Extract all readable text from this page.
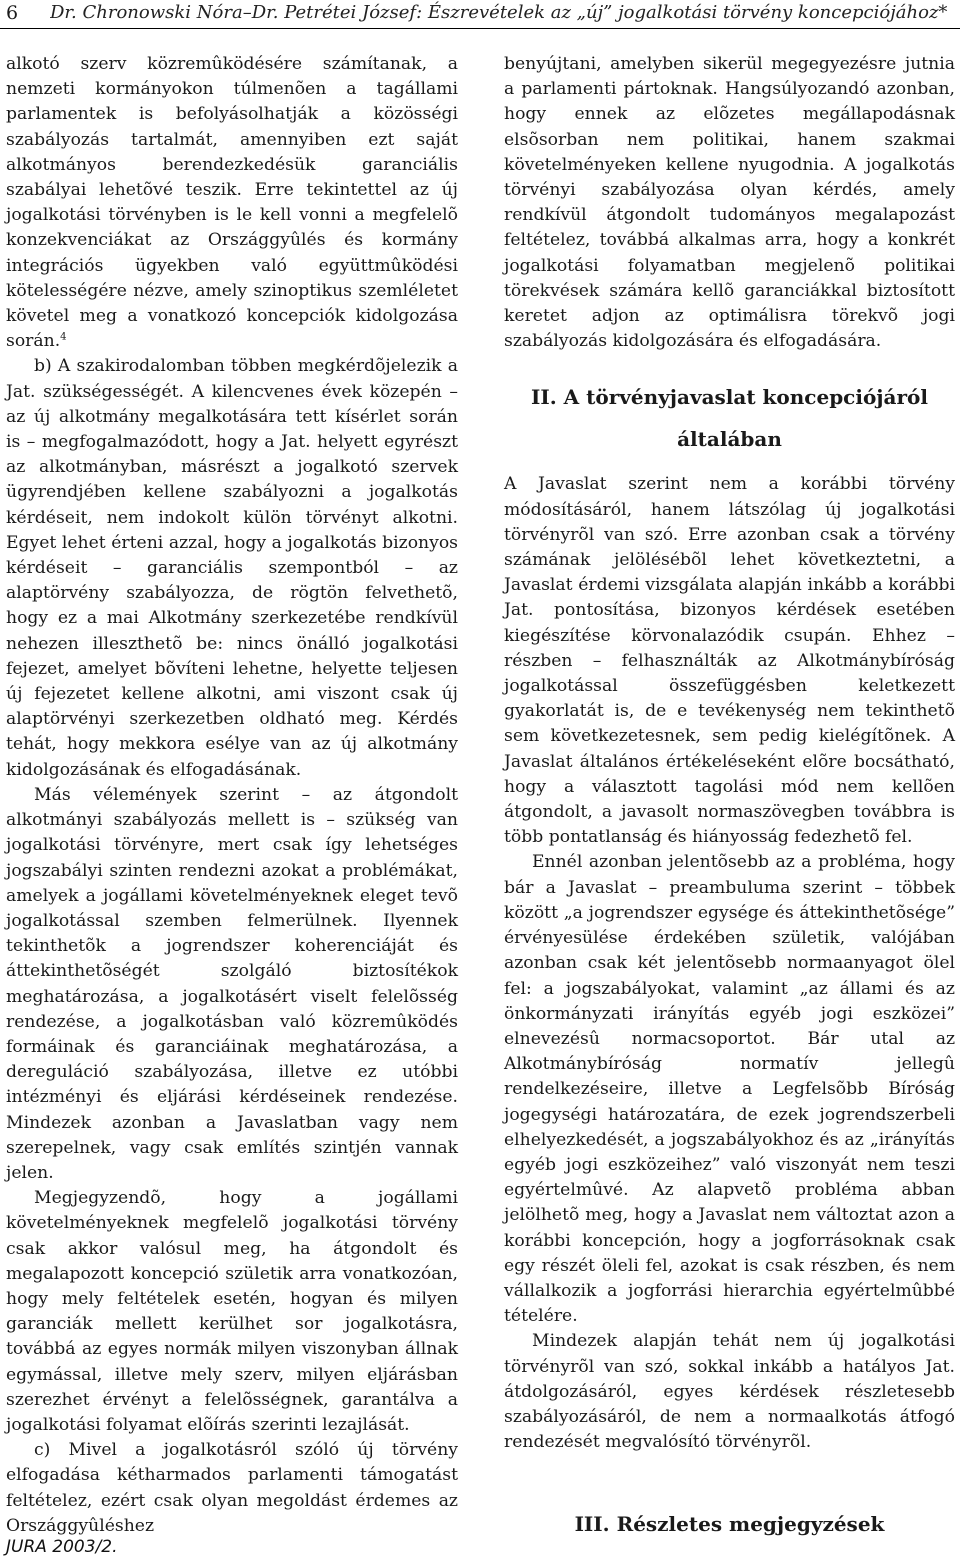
6 Dr. Chronowski Nóra–Dr. Petrétei József: Észrevételek az „új” jogalkotási törvény koncepciójához*

alkotó szerv közremûködésére számítanak, a nemzeti kormányokon túlmenõen a tagállami parlamentek is befolyásolhatják a közösségi szabályozás tartalmát, amennyiben ezt saját alkotmányos berendezkedésük garanciális szabályai lehetõvé teszik. Erre tekintettel az új jogalkotási törvényben is le kell vonni a megfelelõ konzekvenciákat az Országgyûlés és kormány integrációs ügyekben való együttmûködési kötelességére nézve, amely szinoptikus szemléletet követel meg a vonatkozó koncepciók kidolgozása során.$^4$

b) A szakirodalomban többen megkérdõjelezik a Jat. szükségességét. A kilencvenes évek közepén – az új alkotmány megalkotására tett kísérlet során is – megfogalmazódott, hogy a Jat. helyett egyrészt az alkotmányban, másrészt a jogalkotó szervek ügyrendjében kellene szabályozni a jogalkotás kérdéseit, nem indokolt külön törvényt alkotni. Egyet lehet érteni azzal, hogy a jogalkotás bizonyos kérdéseit – garanciális szempontból – az alaptörvény szabályozza, de rögtön felvethetõ, hogy ez a mai Alkotmány szerkezetébe rendkívül nehezen illeszthetõ be: nincs önálló jogalkotási fejezet, amelyet bõvíteni lehetne, helyette teljesen új fejezetet kellene alkotni, ami viszont csak új alaptörvényi szerkezetben oldható meg. Kérdés tehát, hogy mekkora esélye van az új alkotmány kidolgozásának és elfogadásának.

Más vélemények szerint – az átgondolt alkotmányi szabályozás mellett is – szükség van jogalkotási törvényre, mert csak így lehetséges jogszabályi szinten rendezni azokat a problémákat, amelyek a jogállami követelményeknek eleget tevõ jogalkotással szemben felmerülnek. Ilyennek tekinthetõk a jogrendszer koherenciáját és áttekinthetõségét szolgáló biztosítékok meghatározása, a jogalkotásért viselt felelõsség rendezése, a jogalkotásban való közremûködés formáinak és garanciáinak meghatározása, a dereguláció szabályozása, illetve ez utóbbi intézményi és eljárási kérdéseinek rendezése. Mindezek azonban a Javaslatban vagy nem szerepelnek, vagy csak említés szintjén vannak jelen.

Megjegyzendõ, hogy a jogállami követelményeknek megfelelõ jogalkotási törvény csak akkor valósul meg, ha átgondolt és megalapozott koncepció születik arra vonatkozóan, hogy mely feltételek esetén, hogyan és milyen garanciák mellett kerülhet sor jogalkotásra, továbbá az egyes normák milyen viszonyban állnak egymással, illetve mely szerv, milyen eljárásban szerezhet érvényt a felelõsségnek, garantálva a jogalkotási folyamat elõírás szerinti lezajlását.

c) Mivel a jogalkotásról szóló új törvény elfogadása kétharmados parlamenti támogatást feltételez, ezért csak olyan megoldást érdemes az Országgyûléshez

benyújtani, amelyben sikerül megegyezésre jutnia a parlamenti pártoknak. Hangsúlyozandó azonban, hogy ennek az elõzetes megállapodásnak elsõsorban nem politikai, hanem szakmai követelményeken kellene nyugodnia. A jogalkotás törvényi szabályozása olyan kérdés, amely rendkívül átgondolt tudományos megalapozást feltételez, továbbá alkalmas arra, hogy a konkrét jogalkotási folyamatban megjelenõ politikai törekvések számára kellõ garanciákkal biztosított keretet adjon az optimálisra törekvõ jogi szabályozás kidolgozására és elfogadására.

II. A törvényjavaslat koncepciójáról
általában

A Javaslat szerint nem a korábbi törvény módosításáról, hanem látszólag új jogalkotási törvényrõl van szó. Erre azonban csak a törvény számának jelölésébõl lehet következtetni, a Javaslat érdemi vizsgálata alapján inkább a korábbi Jat. pontosítása, bizonyos kérdések esetében kiegészítése körvonalazódik csupán. Ehhez – részben – felhasználták az Alkotmánybíróság jogalkotással összefüggésben keletkezett gyakorlatát is, de e tevékenység nem tekinthetõ sem következetesnek, sem pedig kielégítõnek. A Javaslat általános értékeléseként elõre bocsátható, hogy a választott tagolási mód nem kellõen átgondolt, a javasolt normaszövegben továbbra is több pontatlanság és hiányosság fedezhetõ fel.

Ennél azonban jelentõsebb az a probléma, hogy bár a Javaslat – preambuluma szerint – többek között „a jogrendszer egysége és áttekinthetõsége” érvényesülése érdekében születik, valójában azonban csak két jelentõsebb normaanyagot ölel fel: a jogszabályokat, valamint „az állami és az önkormányzati irányítás egyéb jogi eszközei” elnevezésû normacsoportot. Bár utal az Alkotmánybíróság normatív jellegû rendelkezéseire, illetve a Legfelsõbb Bíróság jogegységi határozatára, de ezek jogrendszerbeli elhelyezkedését, a jogszabályokhoz és az „irányítás egyéb jogi eszközeihez” való viszonyát nem teszi egyértelmûvé. Az alapvetõ probléma abban jelölhetõ meg, hogy a Javaslat nem változtat azon a korábbi koncepción, hogy a jogforrásoknak csak egy részét öleli fel, azokat is csak részben, és nem vállalkozik a jogforrási hierarchia egyértelmûbbé tételére.

Mindezek alapján tehát nem új jogalkotási törvényrõl van szó, sokkal inkább a hatályos Jat. átdolgozásáról, egyes kérdések részletesebb szabályozásáról, de nem a normaalkotás átfogó rendezését megvalósító törvényrõl.

III. Részletes megjegyzések
JURA 2003/2.
